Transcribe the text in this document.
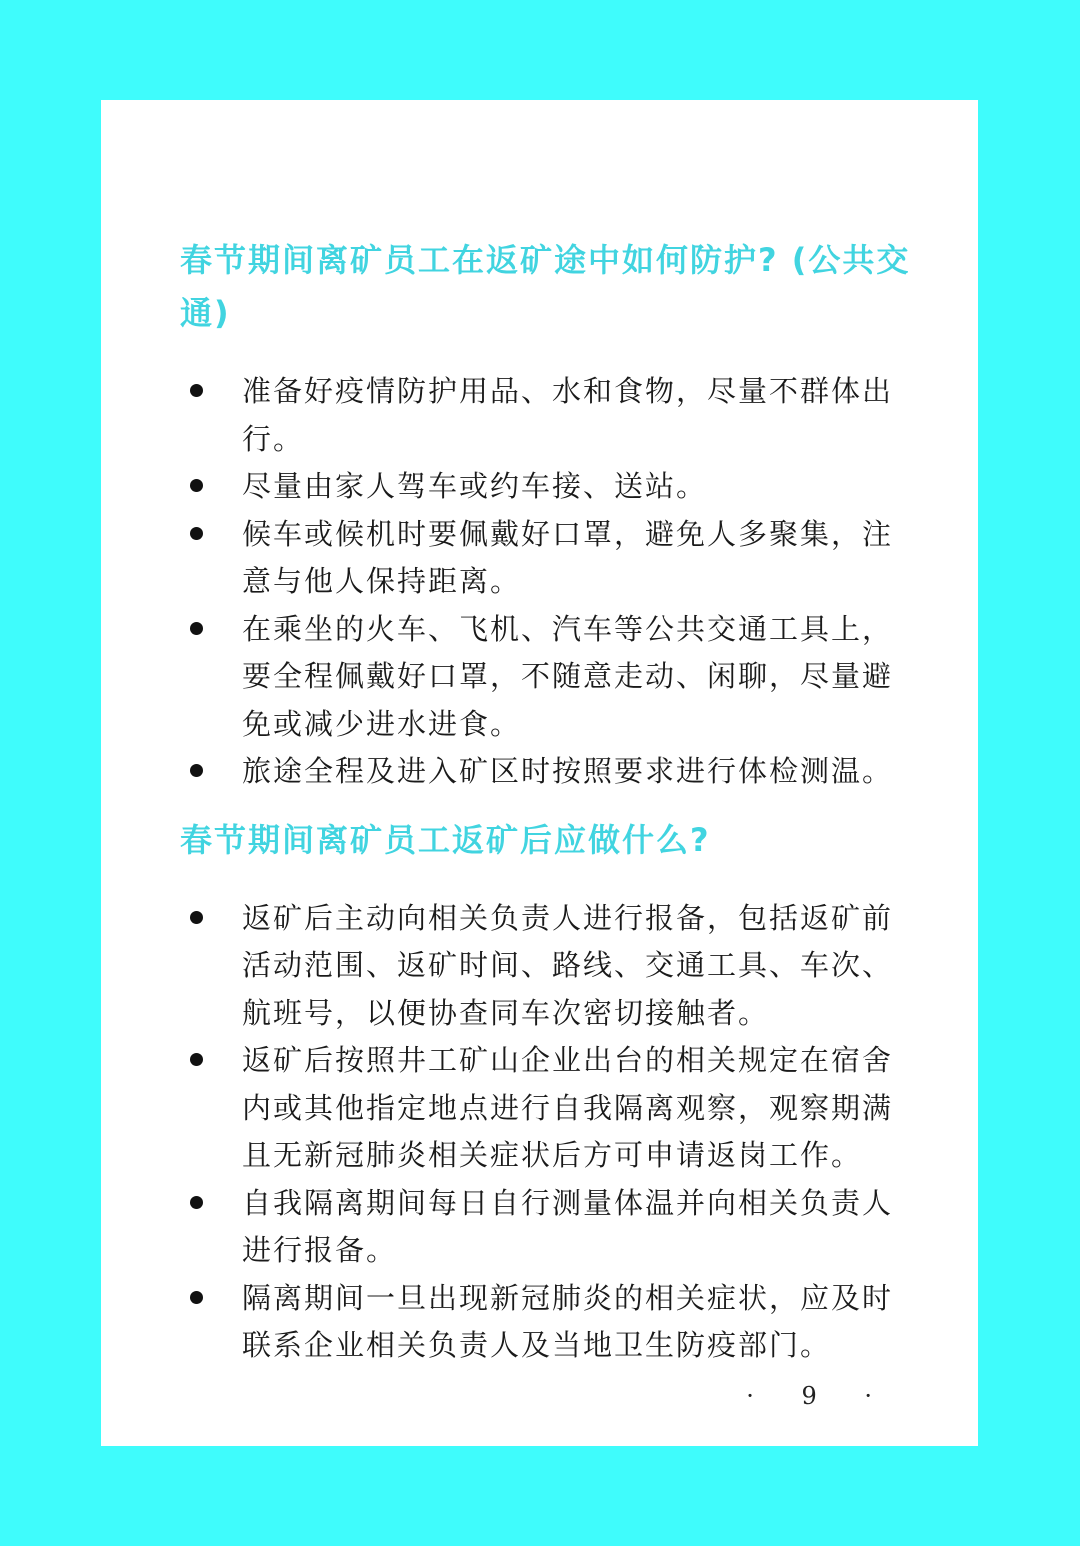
春节期间离矿员工在返矿途中如何防护? (公共交通)
准备好疫情防护用品、水和食物，尽量不群体出行。
尽量由家人驾车或约车接、送站。
候车或候机时要佩戴好口罩，避免人多聚集，注意与他人保持距离。
在乘坐的火车、飞机、汽车等公共交通工具上，要全程佩戴好口罩，不随意走动、闲聊，尽量避免或减少进水进食。
旅途全程及进入矿区时按照要求进行体检测温。
春节期间离矿员工返矿后应做什么?
返矿后主动向相关负责人进行报备，包括返矿前活动范围、返矿时间、路线、交通工具、车次、航班号，以便协查同车次密切接触者。
返矿后按照井工矿山企业出台的相关规定在宿舍内或其他指定地点进行自我隔离观察，观察期满且无新冠肺炎相关症状后方可申请返岗工作。
自我隔离期间每日自行测量体温并向相关负责人进行报备。
隔离期间一旦出现新冠肺炎的相关症状，应及时联系企业相关负责人及当地卫生防疫部门。
· 9 ·
